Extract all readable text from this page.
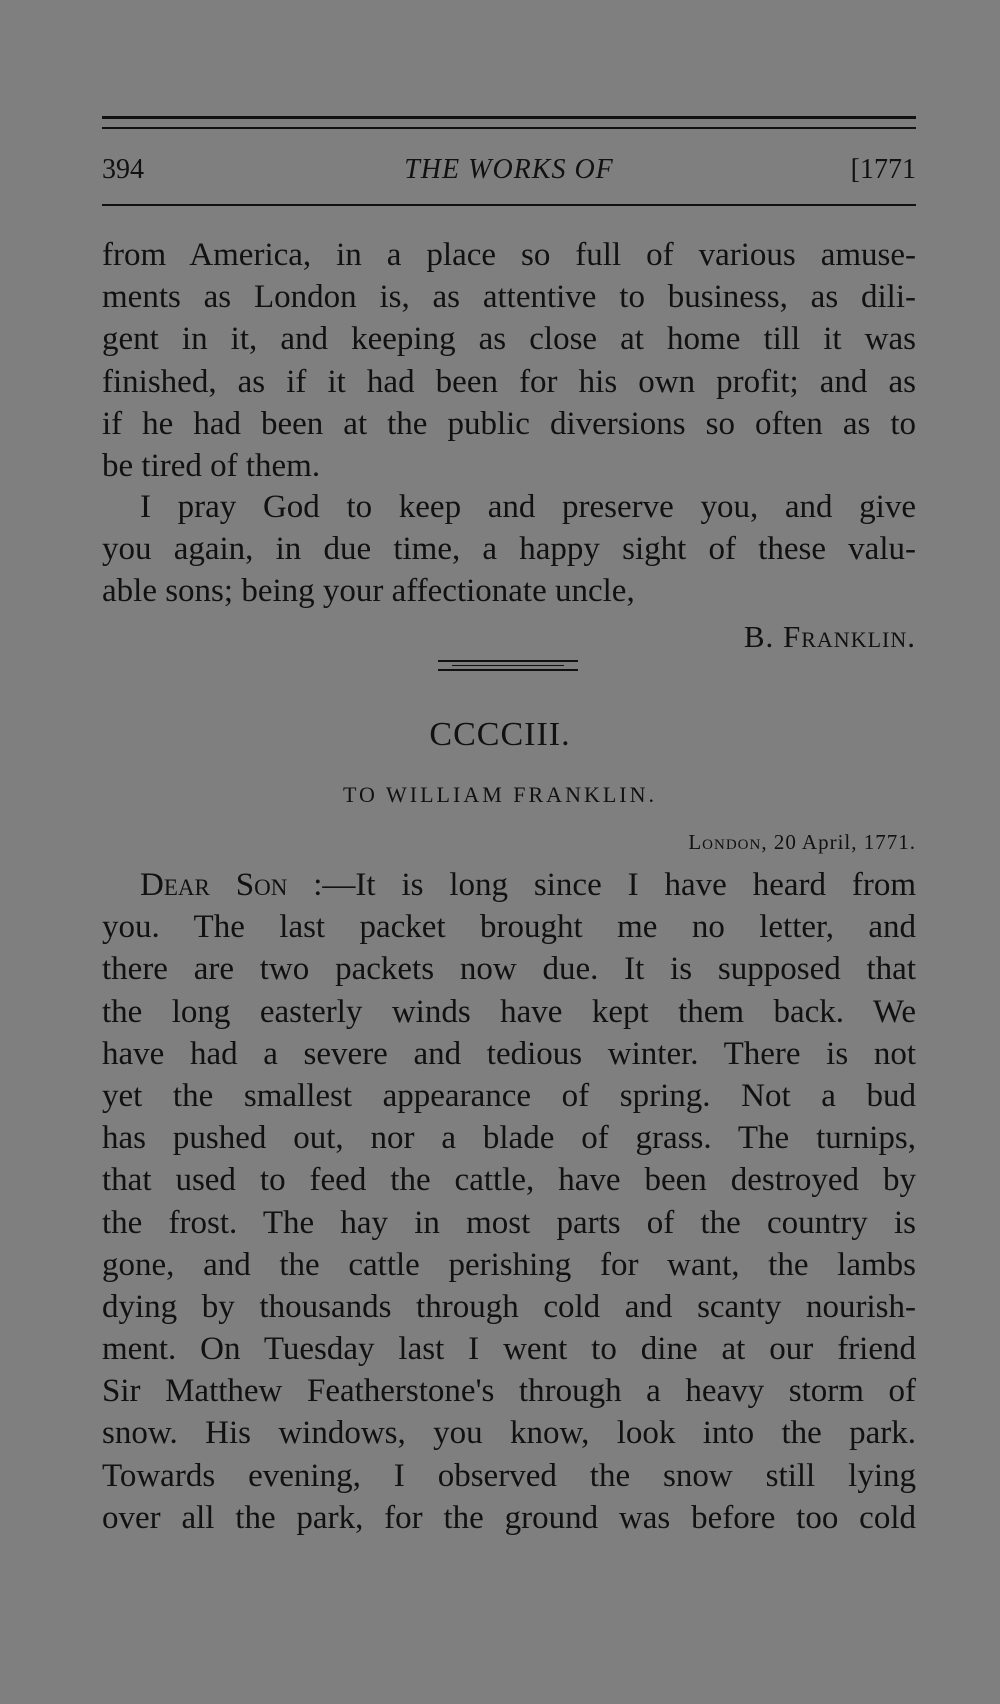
394	THE WORKS OF	[1771

from America, in a place so full of various amuse-
ments as London is, as attentive to business, as dili-
gent in it, and keeping as close at home till it was
finished, as if it had been for his own profit; and as
if he had been at the public diversions so often as to
be tired of them.

I pray God to keep and preserve you, and give
you again, in due time, a happy sight of these valu-
able sons; being your affectionate uncle,

B. Franklin.
CCCCIII.
TO WILLIAM FRANKLIN.
London, 20 April, 1771.

Dear Son :—It is long since I have heard from
you. The last packet brought me no letter, and
there are two packets now due. It is supposed that
the long easterly winds have kept them back. We
have had a severe and tedious winter. There is not
yet the smallest appearance of spring. Not a bud
has pushed out, nor a blade of grass. The turnips,
that used to feed the cattle, have been destroyed by
the frost. The hay in most parts of the country is
gone, and the cattle perishing for want, the lambs
dying by thousands through cold and scanty nourish-
ment. On Tuesday last I went to dine at our friend
Sir Matthew Featherstone's through a heavy storm of
snow. His windows, you know, look into the park.
Towards evening, I observed the snow still lying
over all the park, for the ground was before too cold
